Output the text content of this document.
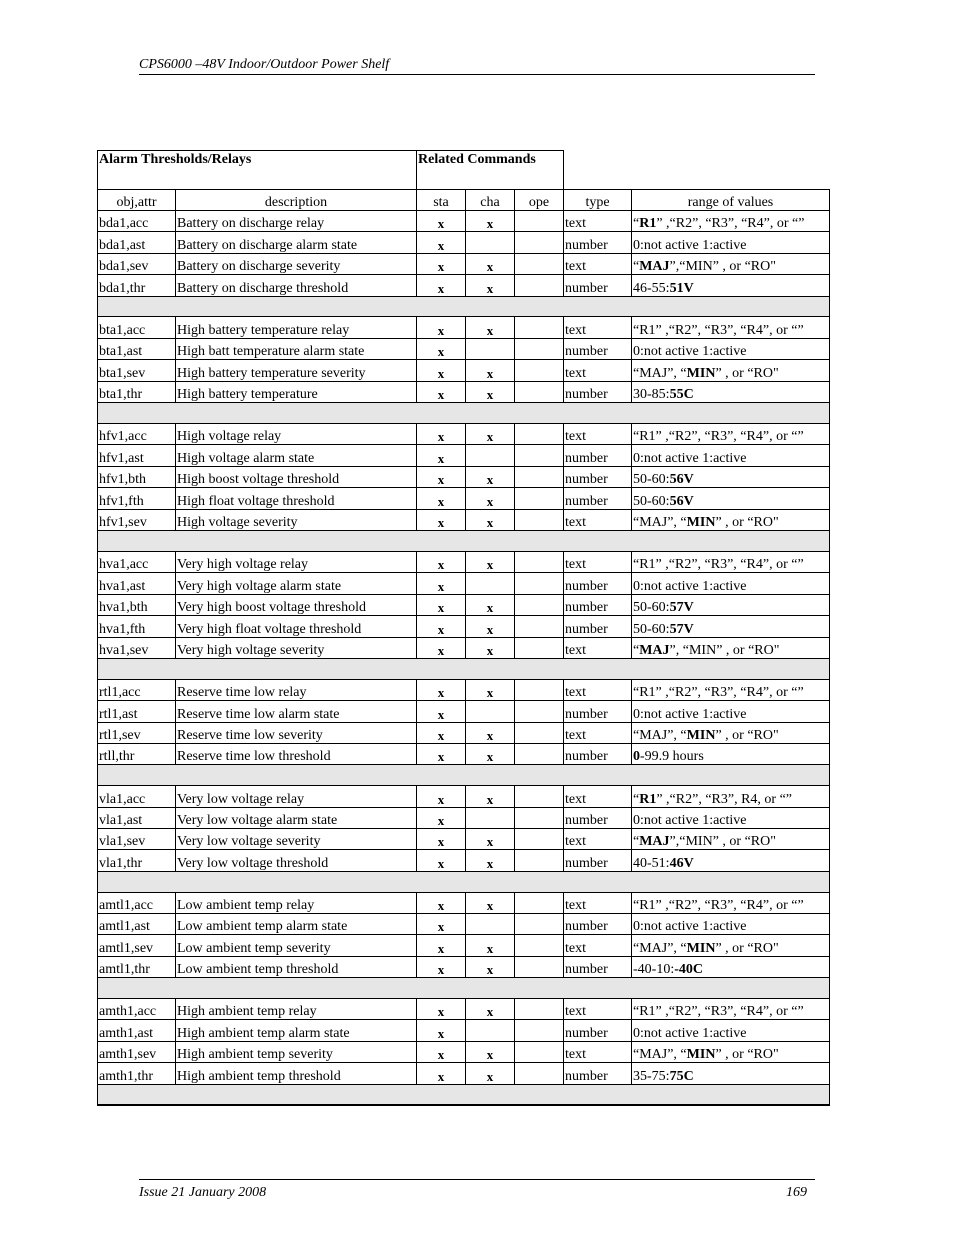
CPS6000 –48V Indoor/Outdoor Power Shelf
Alarm Thresholds/Relays		Related Commands				
obj,attr	description	sta	cha	ope	type	range of values
bda1,acc	Battery on discharge relay	x	x		text	“R1” ,“R2”, “R3”, “R4”, or “”
bda1,ast	Battery on discharge alarm state	x			number	0:not active 1:active
bda1,sev	Battery on discharge severity	x	x		text	“MAJ”,“MIN” , or “RO"
bda1,thr	Battery on discharge threshold	x	x		number	46-55:51V

bta1,acc	High battery temperature relay	x	x		text	“R1” ,“R2”, “R3”, “R4”, or “”
bta1,ast	High batt temperature alarm state	x			number	0:not active 1:active
bta1,sev	High battery temperature severity	x	x		text	“MAJ”, “MIN” , or “RO"
bta1,thr	High battery temperature	x	x		number	30-85:55C

hfv1,acc	High voltage relay	x	x		text	“R1” ,“R2”, “R3”, “R4”, or “”
hfv1,ast	High voltage alarm state	x			number	0:not active 1:active
hfv1,bth	High boost voltage threshold	x	x		number	50-60:56V
hfv1,fth	High float voltage threshold	x	x		number	50-60:56V
hfv1,sev	High voltage severity	x	x		text	“MAJ”, “MIN” , or “RO"

hva1,acc	Very high voltage relay	x	x		text	“R1” ,“R2”, “R3”, “R4”, or “”
hva1,ast	Very high voltage alarm state	x			number	0:not active 1:active
hva1,bth	Very high boost voltage threshold	x	x		number	50-60:57V
hva1,fth	Very high float voltage threshold	x	x		number	50-60:57V
hva1,sev	Very high voltage severity	x	x		text	“MAJ”, “MIN” , or “RO"

rtl1,acc	Reserve time low relay	x	x		text	“R1” ,“R2”, “R3”, “R4”, or “”
rtl1,ast	Reserve time low alarm state	x			number	0:not active 1:active
rtl1,sev	Reserve time low severity	x	x		text	“MAJ”, “MIN” , or “RO"
rtll,thr	Reserve time low threshold	x	x		number	0-99.9 hours

vla1,acc	Very low voltage relay	x	x		text	“R1” ,“R2”, “R3”, R4, or “”
vla1,ast	Very low voltage alarm state	x			number	0:not active 1:active
vla1,sev	Very low voltage severity	x	x		text	“MAJ”,“MIN” , or “RO"
vla1,thr	Very low voltage threshold	x	x		number	40-51:46V

amtl1,acc	Low ambient temp relay	x	x		text	“R1” ,“R2”, “R3”, “R4”, or “”
amtl1,ast	Low ambient temp alarm state	x			number	0:not active 1:active
amtl1,sev	Low ambient temp severity	x	x		text	“MAJ”, “MIN” , or “RO"
amtl1,thr	Low ambient temp threshold	x	x		number	-40-10:-40C

amth1,acc	High ambient temp relay	x	x		text	“R1” ,“R2”, “R3”, “R4”, or “”
amth1,ast	High ambient temp alarm state	x			number	0:not active 1:active
amth1,sev	High ambient temp severity	x	x		text	“MAJ”, “MIN” , or “RO"
amth1,thr	High ambient temp threshold	x	x		number	35-75:75C

Issue 21 January 2008	169
